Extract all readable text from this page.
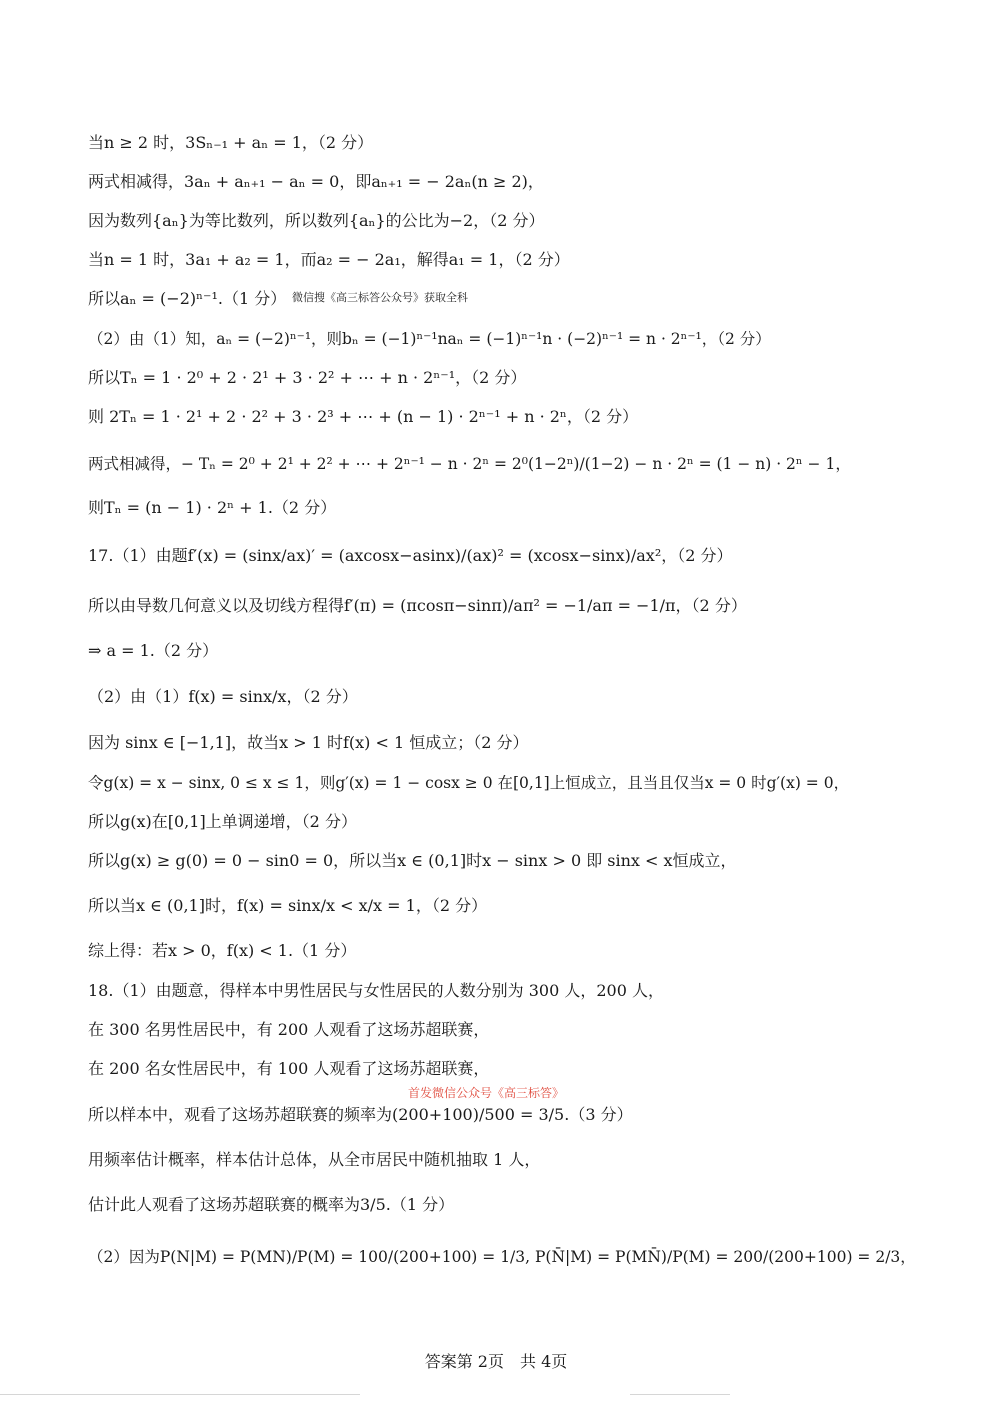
当n ≥ 2 时，3Sₙ₋₁ + aₙ = 1，（2 分）
两式相减得，3aₙ + aₙ₊₁ − aₙ = 0，即aₙ₊₁ = − 2aₙ(n ≥ 2)，
因为数列{aₙ}为等比数列，所以数列{aₙ}的公比为−2，（2 分）
当n = 1 时，3a₁ + a₂ = 1，而a₂ = − 2a₁，解得a₁ = 1，（2 分）
所以aₙ = (−2)ⁿ⁻¹.（1 分） 微信搜《高三标答公众号》获取全科
（2）由（1）知，aₙ = (−2)ⁿ⁻¹，则bₙ = (−1)ⁿ⁻¹naₙ = (−1)ⁿ⁻¹n · (−2)ⁿ⁻¹ = n · 2ⁿ⁻¹，（2 分）
所以Tₙ = 1 · 2⁰ + 2 · 2¹ + 3 · 2² + ⋯ + n · 2ⁿ⁻¹，（2 分）
则 2Tₙ = 1 · 2¹ + 2 · 2² + 3 · 2³ + ⋯ + (n − 1) · 2ⁿ⁻¹ + n · 2ⁿ，（2 分）
两式相减得，− Tₙ = 2⁰ + 2¹ + 2² + ⋯ + 2ⁿ⁻¹ − n · 2ⁿ = 2⁰(1−2ⁿ)/(1−2) − n · 2ⁿ = (1 − n) · 2ⁿ − 1，
则Tₙ = (n − 1) · 2ⁿ + 1.（2 分）
17.（1）由题f′(x) = (sinx/ax)′ = (axcosx−asinx)/(ax)² = (xcosx−sinx)/ax²，（2 分）
所以由导数几何意义以及切线方程得f′(π) = (πcosπ−sinπ)/aπ² = −1/aπ = −1/π，（2 分）
⇒ a = 1.（2 分）
（2）由（1）f(x) = sinx/x，（2 分）
因为 sinx ∈ [−1,1]，故当x > 1 时f(x) < 1 恒成立；（2 分）
令g(x) = x − sinx, 0 ≤ x ≤ 1，则g′(x) = 1 − cosx ≥ 0 在[0,1]上恒成立，且当且仅当x = 0 时g′(x) = 0，
所以g(x)在[0,1]上单调递增，（2 分）
所以g(x) ≥ g(0) = 0 − sin0 = 0，所以当x ∈ (0,1]时x − sinx > 0 即 sinx < x恒成立，
所以当x ∈ (0,1]时，f(x) = sinx/x < x/x = 1，（2 分）
综上得：若x > 0，f(x) < 1.（1 分）
18.（1）由题意，得样本中男性居民与女性居民的人数分别为 300 人，200 人，
在 300 名男性居民中，有 200 人观看了这场苏超联赛，
在 200 名女性居民中，有 100 人观看了这场苏超联赛，
首发微信公众号《高三标答》
所以样本中，观看了这场苏超联赛的频率为(200+100)/500 = 3/5.（3 分）
用频率估计概率，样本估计总体，从全市居民中随机抽取 1 人，
估计此人观看了这场苏超联赛的概率为3/5.（1 分）
（2）因为P(N|M) = P(MN)/P(M) = 100/(200+100) = 1/3, P(N̄|M) = P(MN̄)/P(M) = 200/(200+100) = 2/3，
答案第 2页　共 4页
